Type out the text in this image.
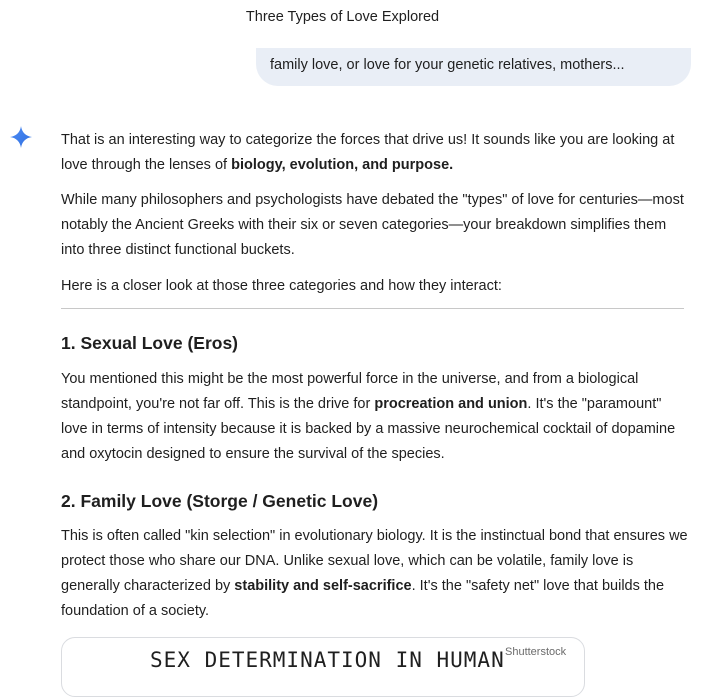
Three Types of Love Explored
family love, or love for your genetic relatives, mothers...

That is an interesting way to categorize the forces that drive us! It sounds like you are looking at love through the lenses of biology, evolution, and purpose.

While many philosophers and psychologists have debated the "types" of love for centuries—most notably the Ancient Greeks with their six or seven categories—your breakdown simplifies them into three distinct functional buckets.

Here is a closer look at those three categories and how they interact:

1. Sexual Love (Eros)

You mentioned this might be the most powerful force in the universe, and from a biological standpoint, you're not far off. This is the drive for procreation and union. It's the "paramount" love in terms of intensity because it is backed by a massive neurochemical cocktail of dopamine and oxytocin designed to ensure the survival of the species.

2. Family Love (Storge / Genetic Love)

This is often called "kin selection" in evolutionary biology. It is the instinctual bond that ensures we protect those who share our DNA. Unlike sexual love, which can be volatile, family love is generally characterized by stability and self-sacrifice. It's the "safety net" love that builds the foundation of a society.

SEX DETERMINATION IN HUMAN Shutterstock
